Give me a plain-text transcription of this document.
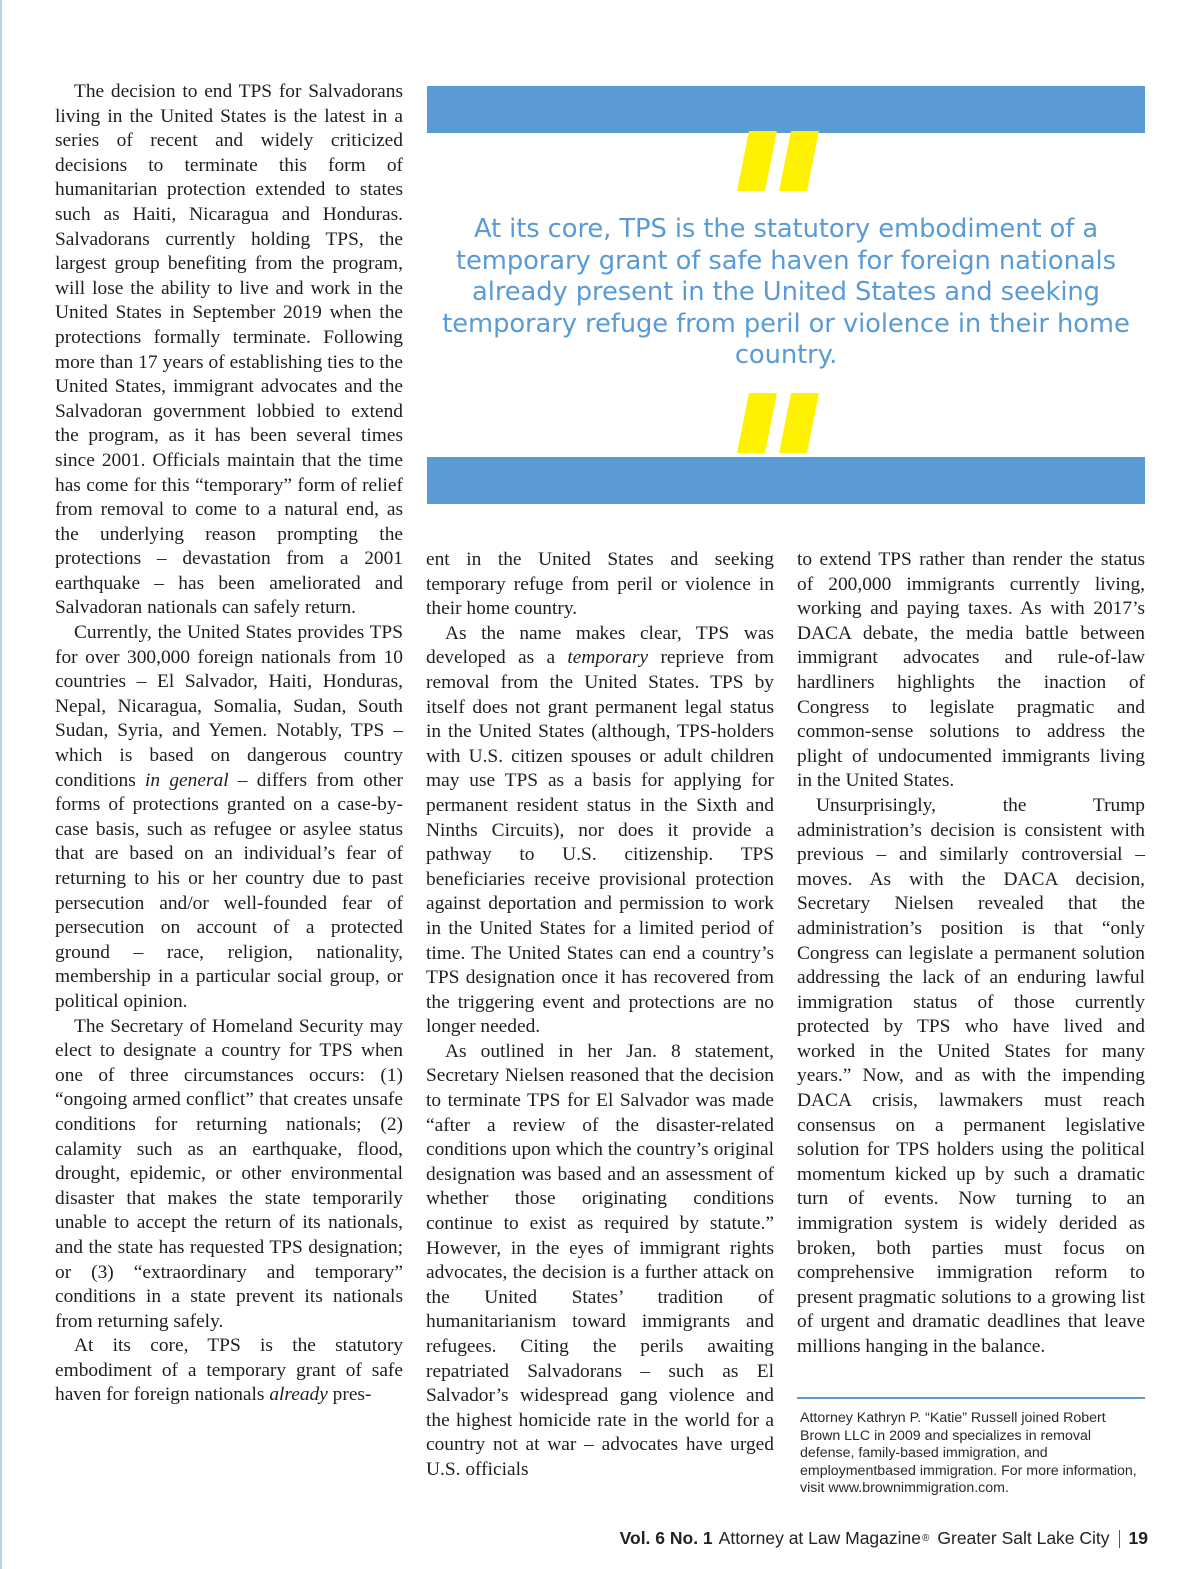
The decision to end TPS for Salvadorans living in the United States is the latest in a series of recent and widely criticized decisions to terminate this form of humanitarian protection extended to states such as Haiti, Nicaragua and Honduras. Salvadorans currently holding TPS, the largest group benefiting from the program, will lose the ability to live and work in the United States in September 2019 when the protections formally terminate. Following more than 17 years of establishing ties to the United States, immigrant advocates and the Salvadoran government lobbied to extend the program, as it has been several times since 2001. Officials maintain that the time has come for this “temporary” form of relief from removal to come to a natural end, as the underlying reason prompting the protections – devastation from a 2001 earthquake – has been ameliorated and Salvadoran nationals can safely return.

Currently, the United States provides TPS for over 300,000 foreign nationals from 10 countries – El Salvador, Haiti, Honduras, Nepal, Nicaragua, Somalia, Sudan, South Sudan, Syria, and Yemen. Notably, TPS – which is based on dangerous country conditions in general – differs from other forms of protections granted on a case-by-case basis, such as refugee or asylee status that are based on an individual’s fear of returning to his or her country due to past persecution and/or well-founded fear of persecution on account of a protected ground – race, religion, nationality, membership in a particular social group, or political opinion.

The Secretary of Homeland Security may elect to designate a country for TPS when one of three circumstances occurs: (1) “ongoing armed conflict” that creates unsafe conditions for returning nationals; (2) calamity such as an earthquake, flood, drought, epidemic, or other environmental disaster that makes the state temporarily unable to accept the return of its nationals, and the state has requested TPS designation; or (3) “extraordinary and temporary” conditions in a state prevent its nationals from returning safely.

At its core, TPS is the statutory embodiment of a temporary grant of safe haven for foreign nationals already pres-

At its core, TPS is the statutory embodiment of a temporary grant of safe haven for foreign nationals already present in the United States and seeking temporary refuge from peril or violence in their home country.

ent in the United States and seeking temporary refuge from peril or violence in their home country.

As the name makes clear, TPS was developed as a temporary reprieve from removal from the United States. TPS by itself does not grant permanent legal status in the United States (although, TPS-holders with U.S. citizen spouses or adult children may use TPS as a basis for applying for permanent resident status in the Sixth and Ninths Circuits), nor does it provide a pathway to U.S. citizenship. TPS beneficiaries receive provisional protection against deportation and permission to work in the United States for a limited period of time. The United States can end a country’s TPS designation once it has recovered from the triggering event and protections are no longer needed.

As outlined in her Jan. 8 statement, Secretary Nielsen reasoned that the decision to terminate TPS for El Salvador was made “after a review of the disaster-related conditions upon which the country’s original designation was based and an assessment of whether those originating conditions continue to exist as required by statute.” However, in the eyes of immigrant rights advocates, the decision is a further attack on the United States’ tradition of humanitarianism toward immigrants and refugees. Citing the perils awaiting repatriated Salvadorans – such as El Salvador’s widespread gang violence and the highest homicide rate in the world for a country not at war – advocates have urged U.S. officials

to extend TPS rather than render the status of 200,000 immigrants currently living, working and paying taxes. As with 2017’s DACA debate, the media battle between immigrant advocates and rule-of-law hardliners highlights the inaction of Congress to legislate pragmatic and common-sense solutions to address the plight of undocumented immigrants living in the United States.

Unsurprisingly, the Trump administration’s decision is consistent with previous – and similarly controversial – moves. As with the DACA decision, Secretary Nielsen revealed that the administration’s position is that “only Congress can legislate a permanent solution addressing the lack of an enduring lawful immigration status of those currently protected by TPS who have lived and worked in the United States for many years.” Now, and as with the impending DACA crisis, lawmakers must reach consensus on a permanent legislative solution for TPS holders using the political momentum kicked up by such a dramatic turn of events. Now turning to an immigration system is widely derided as broken, both parties must focus on comprehensive immigration reform to present pragmatic solutions to a growing list of urgent and dramatic deadlines that leave millions hanging in the balance.

Attorney Kathryn P. “Katie” Russell joined Robert Brown LLC in 2009 and specializes in removal defense, family-based immigration, and employmentbased immigration. For more information, visit www.brownimmigration.com.
Vol. 6 No. 1 Attorney at Law Magazine ® Greater Salt Lake City 19
